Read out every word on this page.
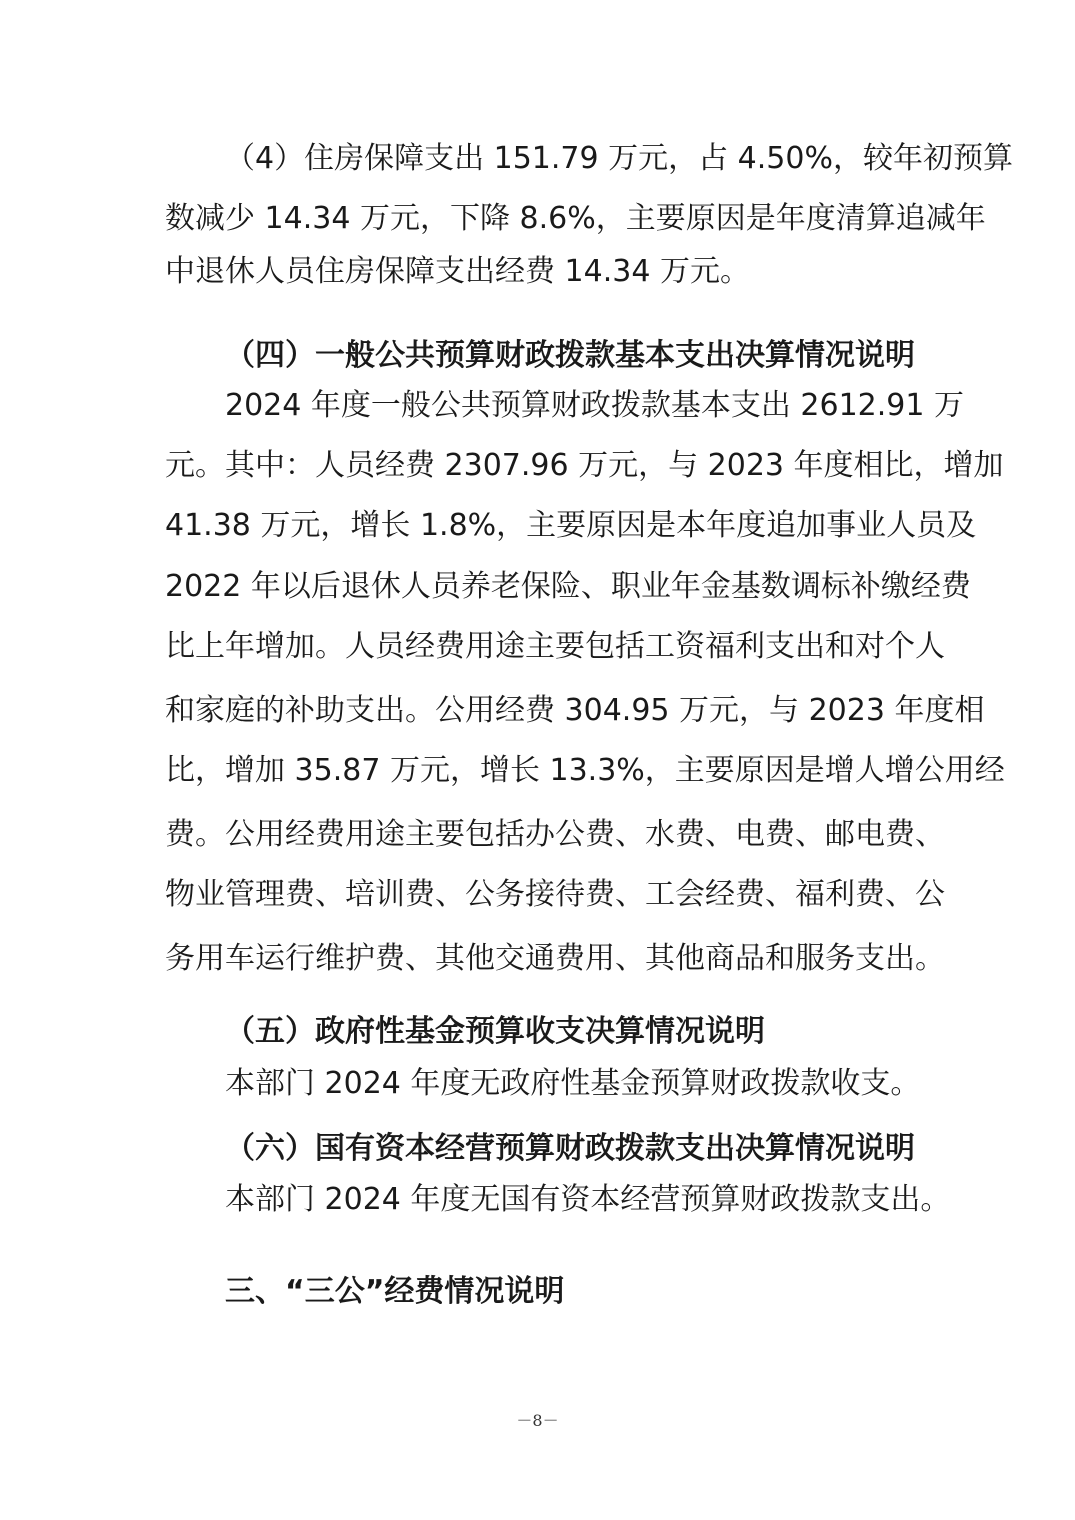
（4）住房保障支出 151.79 万元，占 4.50%，较年初预算
数减少 14.34 万元，下降 8.6%，主要原因是年度清算追减年
中退休人员住房保障支出经费 14.34 万元。
（四）一般公共预算财政拨款基本支出决算情况说明
2024 年度一般公共预算财政拨款基本支出 2612.91 万
元。其中：人员经费 2307.96 万元，与 2023 年度相比，增加
41.38 万元，增长 1.8%，主要原因是本年度追加事业人员及
2022 年以后退休人员养老保险、职业年金基数调标补缴经费
比上年增加。人员经费用途主要包括工资福利支出和对个人
和家庭的补助支出。公用经费 304.95 万元，与 2023 年度相
比，增加 35.87 万元，增长 13.3%，主要原因是增人增公用经
费。公用经费用途主要包括办公费、水费、电费、邮电费、
物业管理费、培训费、公务接待费、工会经费、福利费、公
务用车运行维护费、其他交通费用、其他商品和服务支出。
（五）政府性基金预算收支决算情况说明
本部门 2024 年度无政府性基金预算财政拨款收支。
（六）国有资本经营预算财政拨款支出决算情况说明
本部门 2024 年度无国有资本经营预算财政拨款支出。
三、“三公”经费情况说明
－8－
